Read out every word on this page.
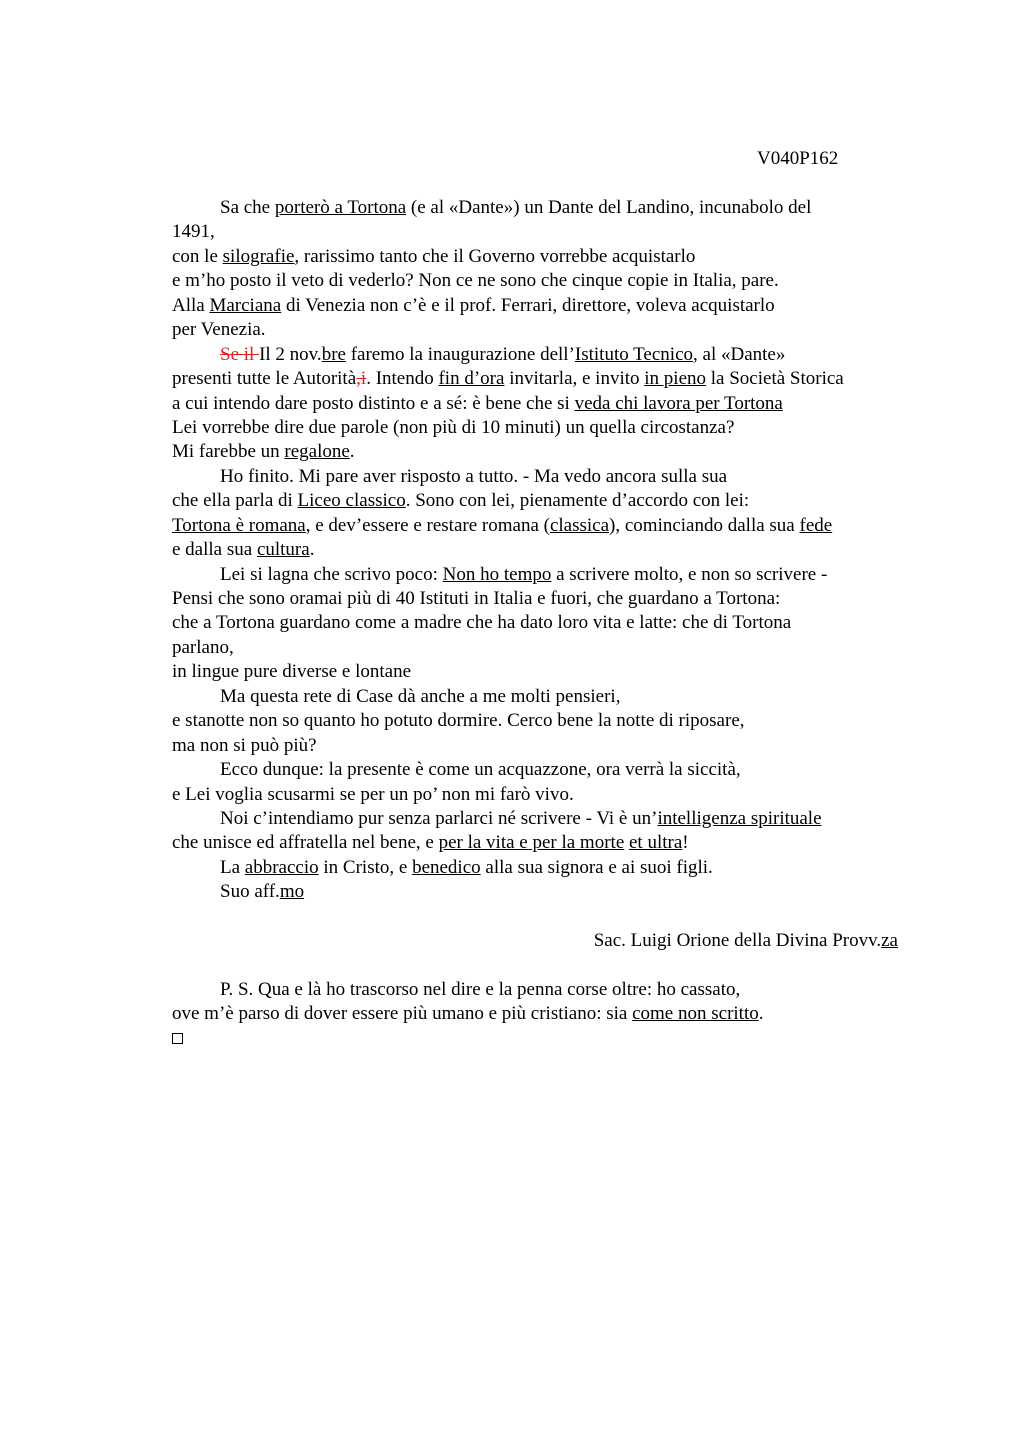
V040P162
Sa che porterò a Tortona (e al «Dante») un Dante del Landino, incunabolo del
1491,
con le silografie, rarissimo tanto che il Governo vorrebbe acquistarlo
e m’ho posto il veto di vederlo? Non ce ne sono che cinque copie in Italia, pare.
Alla Marciana di Venezia non c’è e il prof. Ferrari, direttore, voleva acquistarlo
per Venezia.
Se il Il 2 nov.bre faremo la inaugurazione dell’Istituto Tecnico, al «Dante»
presenti tutte le Autorità,i. Intendo fin d’ora invitarla, e invito in pieno la Società Storica
a cui intendo dare posto distinto e a sé: è bene che si veda chi lavora per Tortona
Lei vorrebbe dire due parole (non più di 10 minuti) un quella circostanza?
Mi farebbe un regalone.
Ho finito. Mi pare aver risposto a tutto. - Ma vedo ancora sulla sua
che ella parla di Liceo classico. Sono con lei, pienamente d’accordo con lei:
Tortona è romana, e dev’essere e restare romana (classica), cominciando dalla sua fede
e dalla sua cultura.
Lei si lagna che scrivo poco: Non ho tempo a scrivere molto, e non so scrivere -
Pensi che sono oramai più di 40 Istituti in Italia e fuori, che guardano a Tortona:
che a Tortona guardano come a madre che ha dato loro vita e latte: che di Tortona
parlano,
in lingue pure diverse e lontane
Ma questa rete di Case dà anche a me molti pensieri,
e stanotte non so quanto ho potuto dormire. Cerco bene la notte di riposare,
ma non si può più?
Ecco dunque: la presente è come un acquazzone, ora verrà la siccità,
e Lei voglia scusarmi se per un po’ non mi farò vivo.
Noi c’intendiamo pur senza parlarci né scrivere - Vi è un’intelligenza spirituale
che unisce ed affratella nel bene, e per la vita e per la morte et ultra!
La abbraccio in Cristo, e benedico alla sua signora e ai suoi figli.
Suo aff.mo
Sac. Luigi Orione della Divina Provv.za
P. S. Qua e là ho trascorso nel dire e la penna corse oltre: ho cassato,
ove m’è parso di dover essere più umano e più cristiano: sia come non scritto.
